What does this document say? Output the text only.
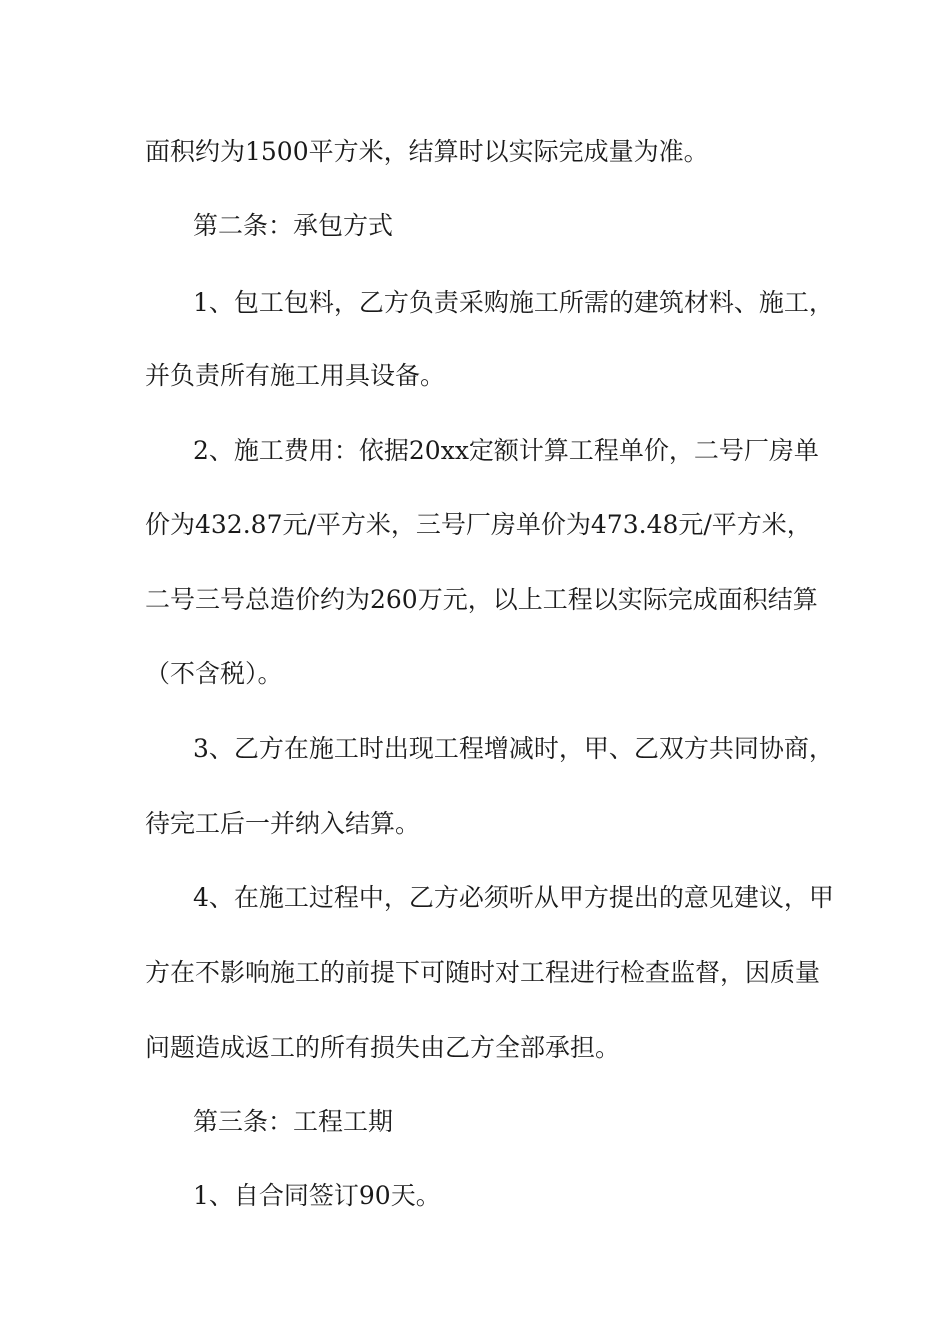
面积约为1500平方米，结算时以实际完成量为准。
第二条：承包方式
1、包工包料，乙方负责采购施工所需的建筑材料、施工，
并负责所有施工用具设备。
2、施工费用：依据20xx定额计算工程单价，二号厂房单
价为432.87元/平方米，三号厂房单价为473.48元/平方米，
二号三号总造价约为260万元，以上工程以实际完成面积结算
（不含税）。
3、乙方在施工时出现工程增减时，甲、乙双方共同协商，
待完工后一并纳入结算。
4、在施工过程中，乙方必须听从甲方提出的意见建议，甲
方在不影响施工的前提下可随时对工程进行检查监督，因质量
问题造成返工的所有损失由乙方全部承担。
第三条：工程工期
1、自合同签订90天。
